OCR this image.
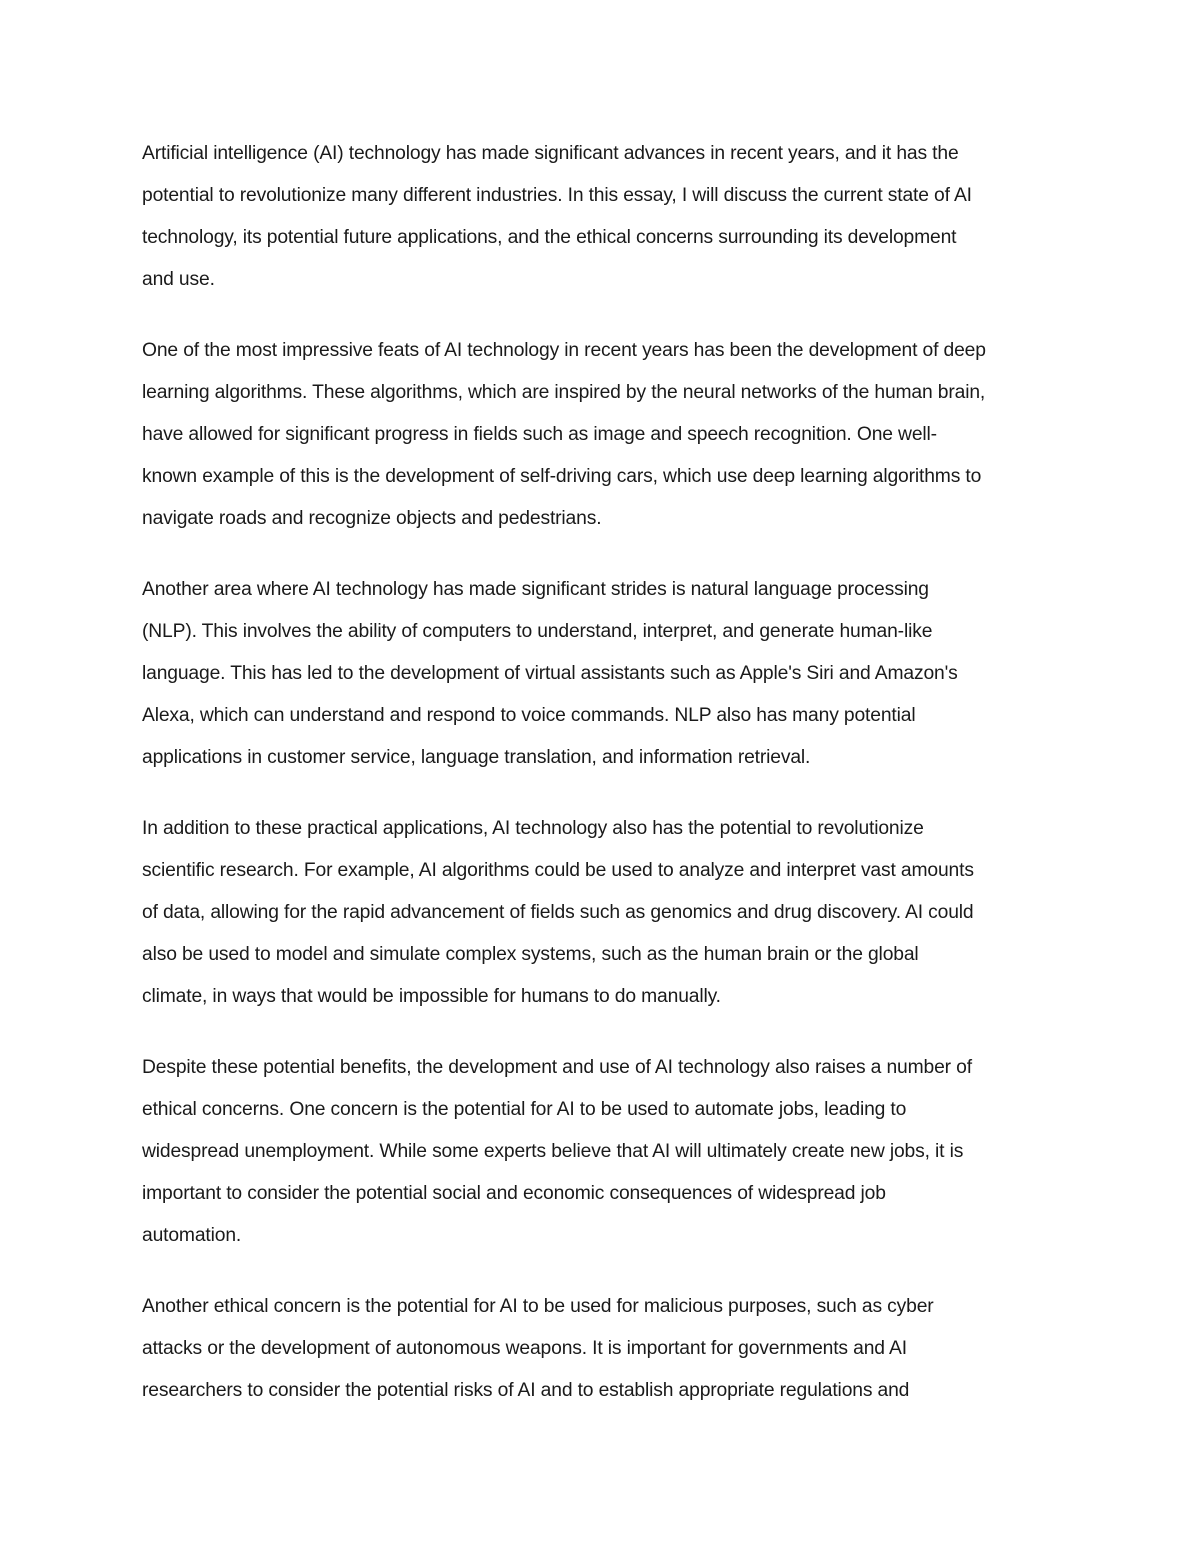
Artificial intelligence (AI) technology has made significant advances in recent years, and it has the
potential to revolutionize many different industries. In this essay, I will discuss the current state of AI
technology, its potential future applications, and the ethical concerns surrounding its development
and use.

One of the most impressive feats of AI technology in recent years has been the development of deep
learning algorithms. These algorithms, which are inspired by the neural networks of the human brain,
have allowed for significant progress in fields such as image and speech recognition. One well-
known example of this is the development of self-driving cars, which use deep learning algorithms to
navigate roads and recognize objects and pedestrians.

Another area where AI technology has made significant strides is natural language processing
(NLP). This involves the ability of computers to understand, interpret, and generate human-like
language. This has led to the development of virtual assistants such as Apple's Siri and Amazon's
Alexa, which can understand and respond to voice commands. NLP also has many potential
applications in customer service, language translation, and information retrieval.

In addition to these practical applications, AI technology also has the potential to revolutionize
scientific research. For example, AI algorithms could be used to analyze and interpret vast amounts
of data, allowing for the rapid advancement of fields such as genomics and drug discovery. AI could
also be used to model and simulate complex systems, such as the human brain or the global
climate, in ways that would be impossible for humans to do manually.

Despite these potential benefits, the development and use of AI technology also raises a number of
ethical concerns. One concern is the potential for AI to be used to automate jobs, leading to
widespread unemployment. While some experts believe that AI will ultimately create new jobs, it is
important to consider the potential social and economic consequences of widespread job
automation.

Another ethical concern is the potential for AI to be used for malicious purposes, such as cyber
attacks or the development of autonomous weapons. It is important for governments and AI
researchers to consider the potential risks of AI and to establish appropriate regulations and
